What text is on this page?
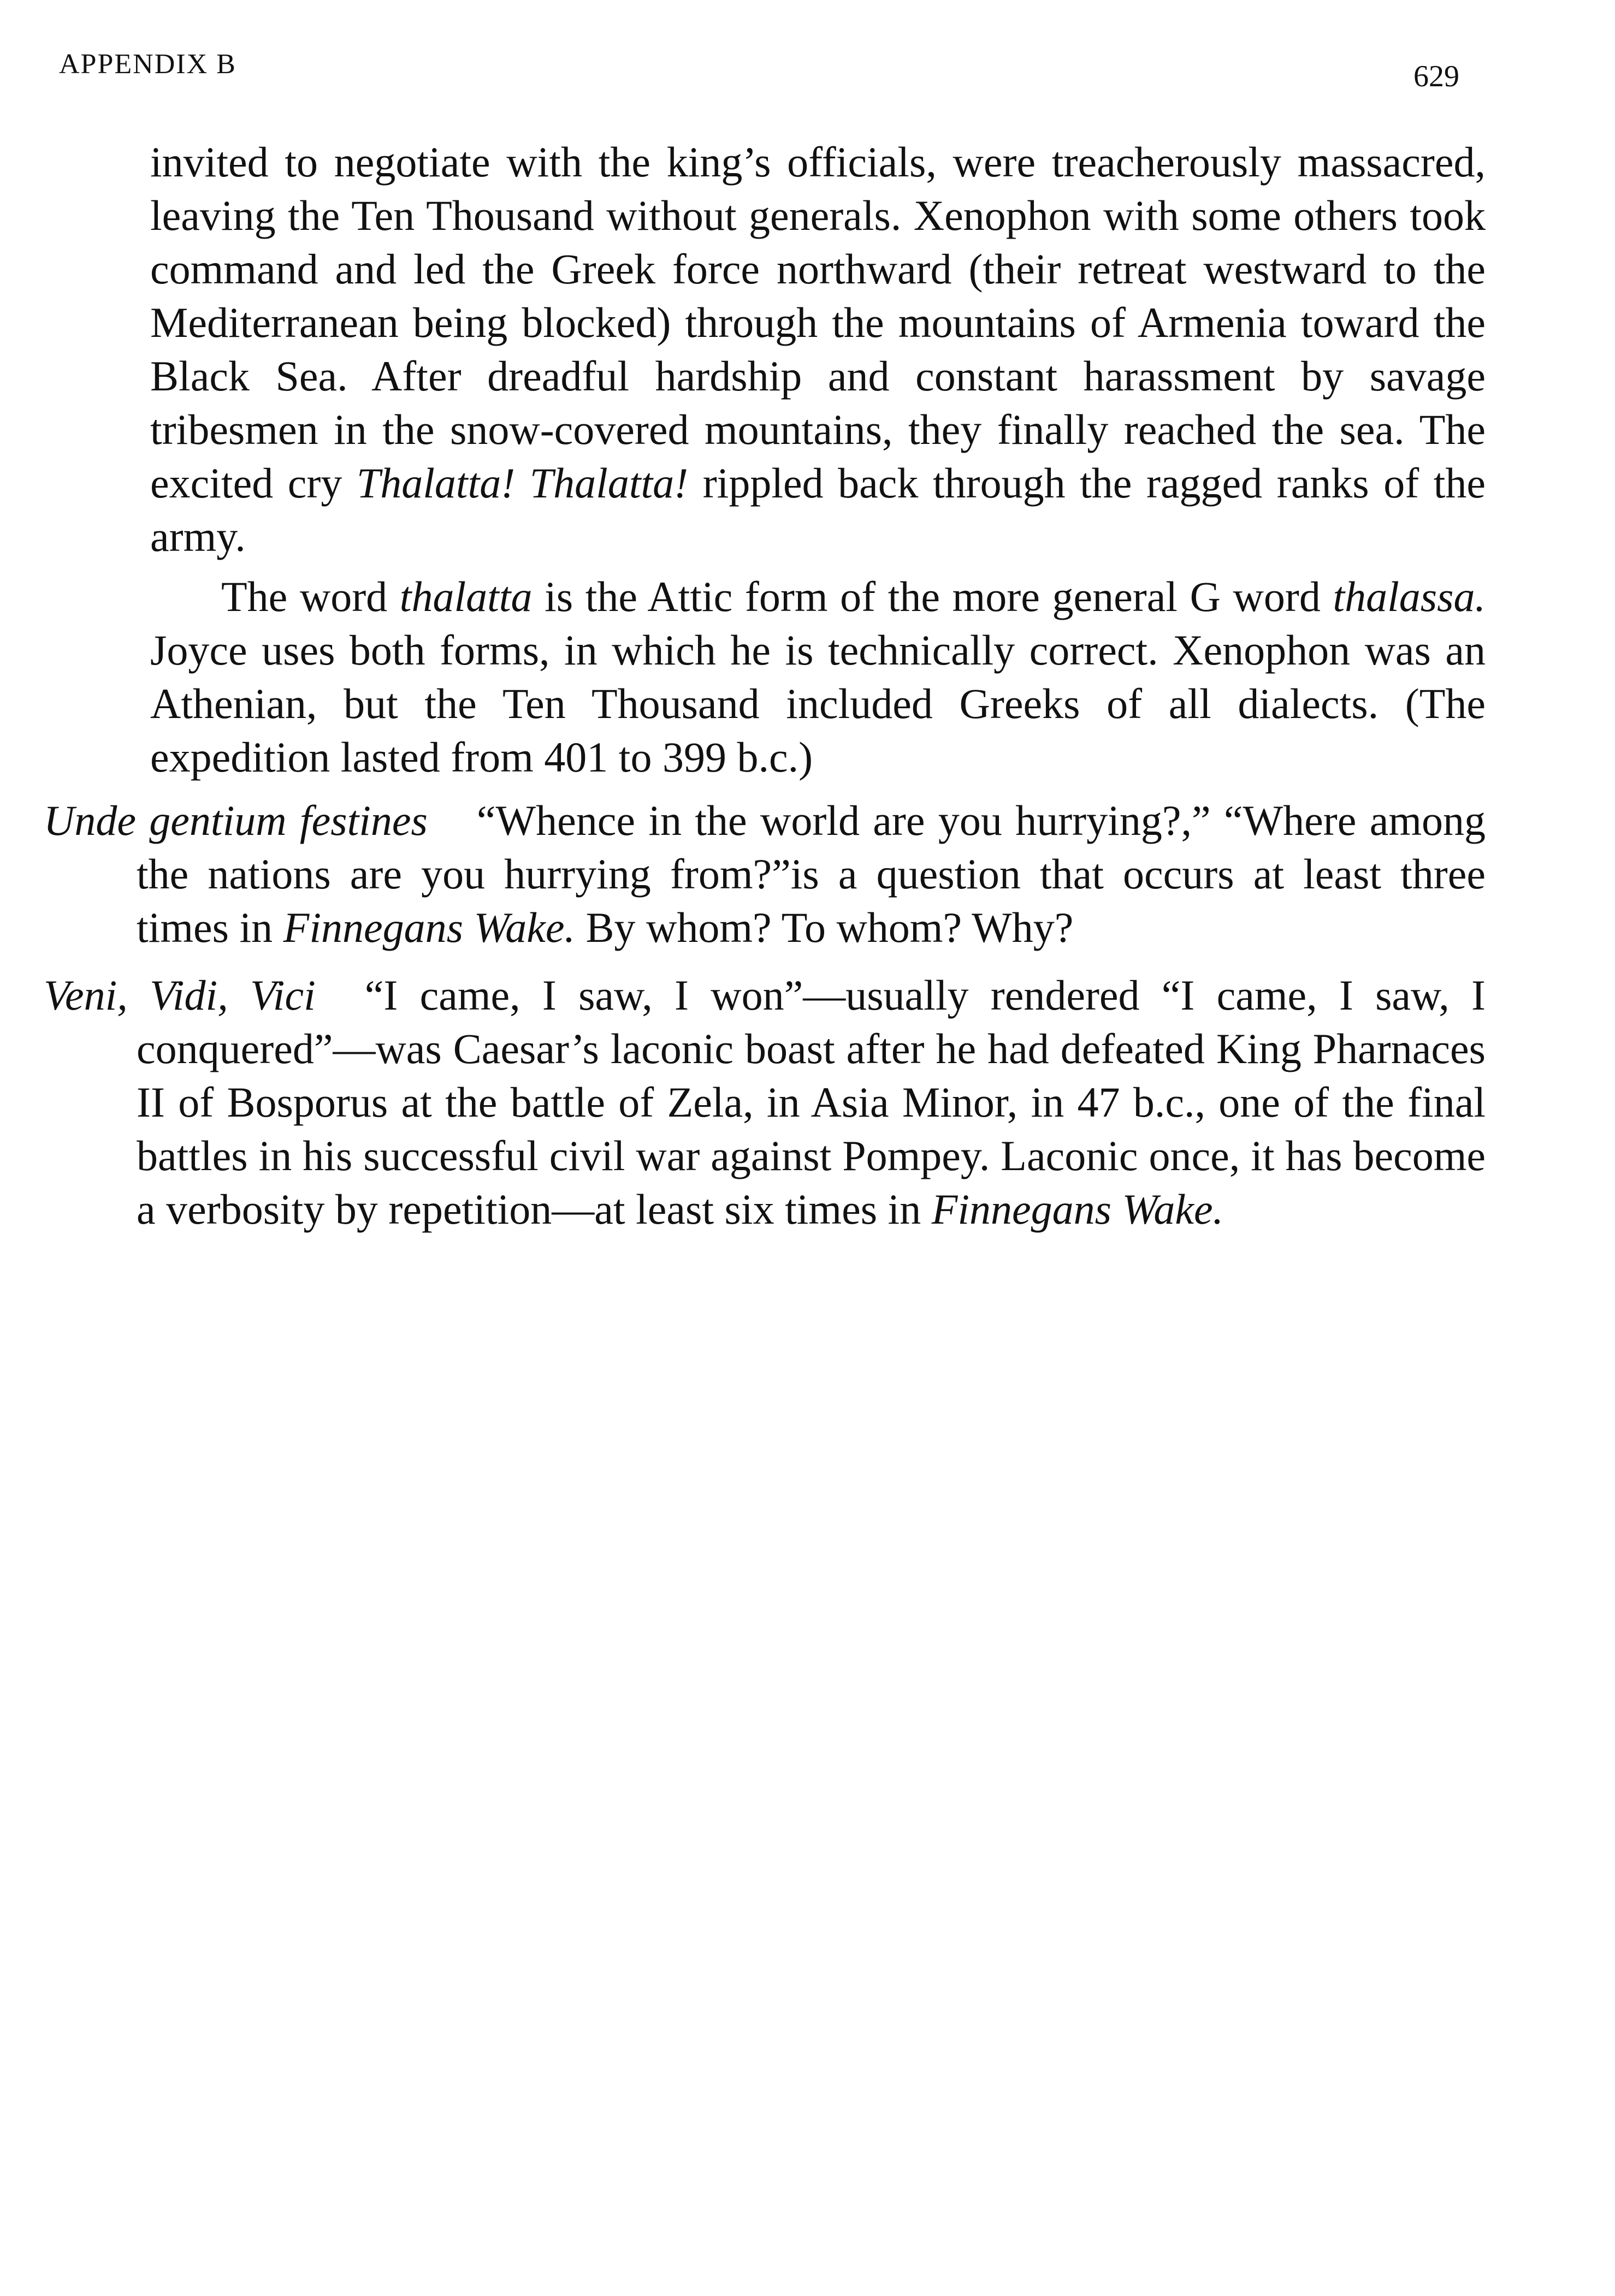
APPENDIX B	629

invited to negotiate with the king’s officials, were treacherously massacred, leaving the Ten Thousand without generals. Xenophon with some others took command and led the Greek force northward (their retreat westward to the Mediterranean being blocked) through the mountains of Armenia toward the Black Sea. After dreadful hardship and constant harassment by savage tribesmen in the snow-covered mountains, they finally reached the sea. The excited cry Thalatta! Thalatta! rippled back through the ragged ranks of the army.

The word thalatta is the Attic form of the more general G word thalassa. Joyce uses both forms, in which he is technically correct. Xenophon was an Athenian, but the Ten Thousand included Greeks of all dialects. (The expedition lasted from 401 to 399 b.c.)

Unde gentium festines “Whence in the world are you hurrying?,” “Where among the nations are you hurrying from?”is a question that occurs at least three times in Finnegans Wake. By whom? To whom? Why?

Veni, Vidi, Vici “I came, I saw, I won”—usually rendered “I came, I saw, I conquered”—was Caesar’s laconic boast after he had defeated King Pharnaces II of Bosporus at the battle of Zela, in Asia Minor, in 47 b.c., one of the final battles in his successful civil war against Pompey. Laconic once, it has become a verbosity by repetition—at least six times in Finnegans Wake.
